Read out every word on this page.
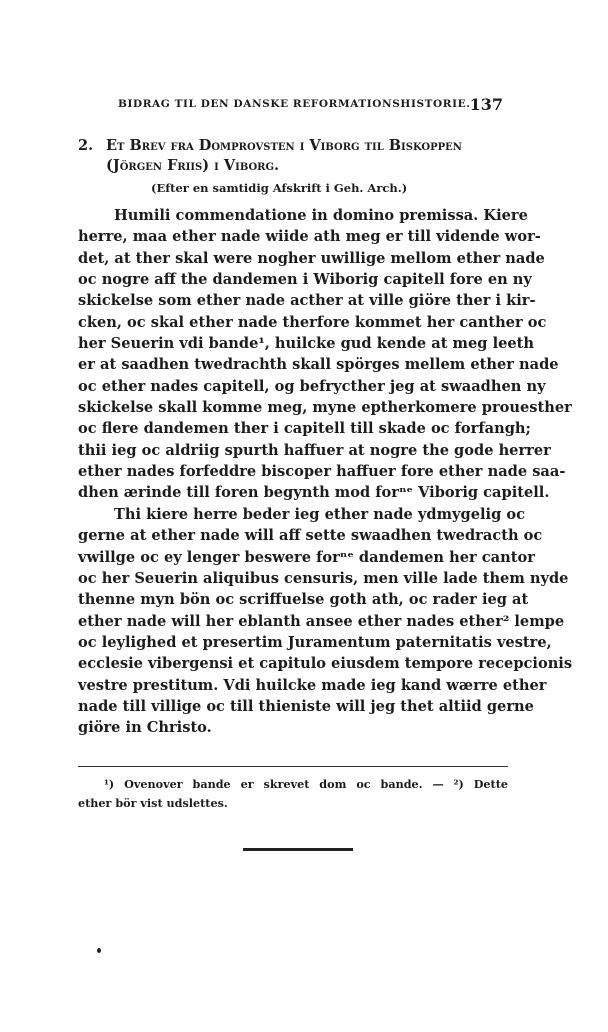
BIDRAG TIL DEN DANSKE REFORMATIONSHISTORIE. 137
2. Et Brev fra Domprovsten i Viborg til Biskoppen
(Jörgen Friis) i Viborg.
(Efter en samtidig Afskrift i Geh. Arch.)
Humili commendatione in domino premissa. Kiere
herre, maa ether nade wiide ath meg er till vidende wor-
det, at ther skal were nogher uwillige mellom ether nade
oc nogre aff the dandemen i Wiborig capitell fore en ny
skickelse som ether nade acther at ville giöre ther i kir-
cken, oc skal ether nade therfore kommet her canther oc
her Seuerin vdi bande¹, huilcke gud kende at meg leeth
er at saadhen twedrachth skall spörges mellem ether nade
oc ether nades capitell, og befrycther jeg at swaadhen ny
skickelse skall komme meg, myne eptherkomere prouesther
oc flere dandemen ther i capitell till skade oc forfangh;
thii ieg oc aldriig spurth haffuer at nogre the gode herrer
ether nades forfeddre biscoper haffuer fore ether nade saa-
dhen ærinde till foren begynth mod forⁿᵉ Viborig capitell.
Thi kiere herre beder ieg ether nade ydmygelig oc
gerne at ether nade will aff sette swaadhen twedracth oc
vwillge oc ey lenger beswere forⁿᵉ dandemen her cantor
oc her Seuerin aliquibus censuris, men ville lade them nyde
thenne myn bön oc scriffuelse goth ath, oc rader ieg at
ether nade will her eblanth ansee ether nades ether² lempe
oc leylighed et presertim Juramentum paternitatis vestre,
ecclesie vibergensi et capitulo eiusdem tempore recepcionis
vestre prestitum. Vdi huilcke made ieg kand wærre ether
nade till villige oc till thieniste will jeg thet altiid gerne
giöre in Christo.
¹) Ovenover bande er skrevet dom oc bande. — ²) Dette
ether bör vist udslettes.
